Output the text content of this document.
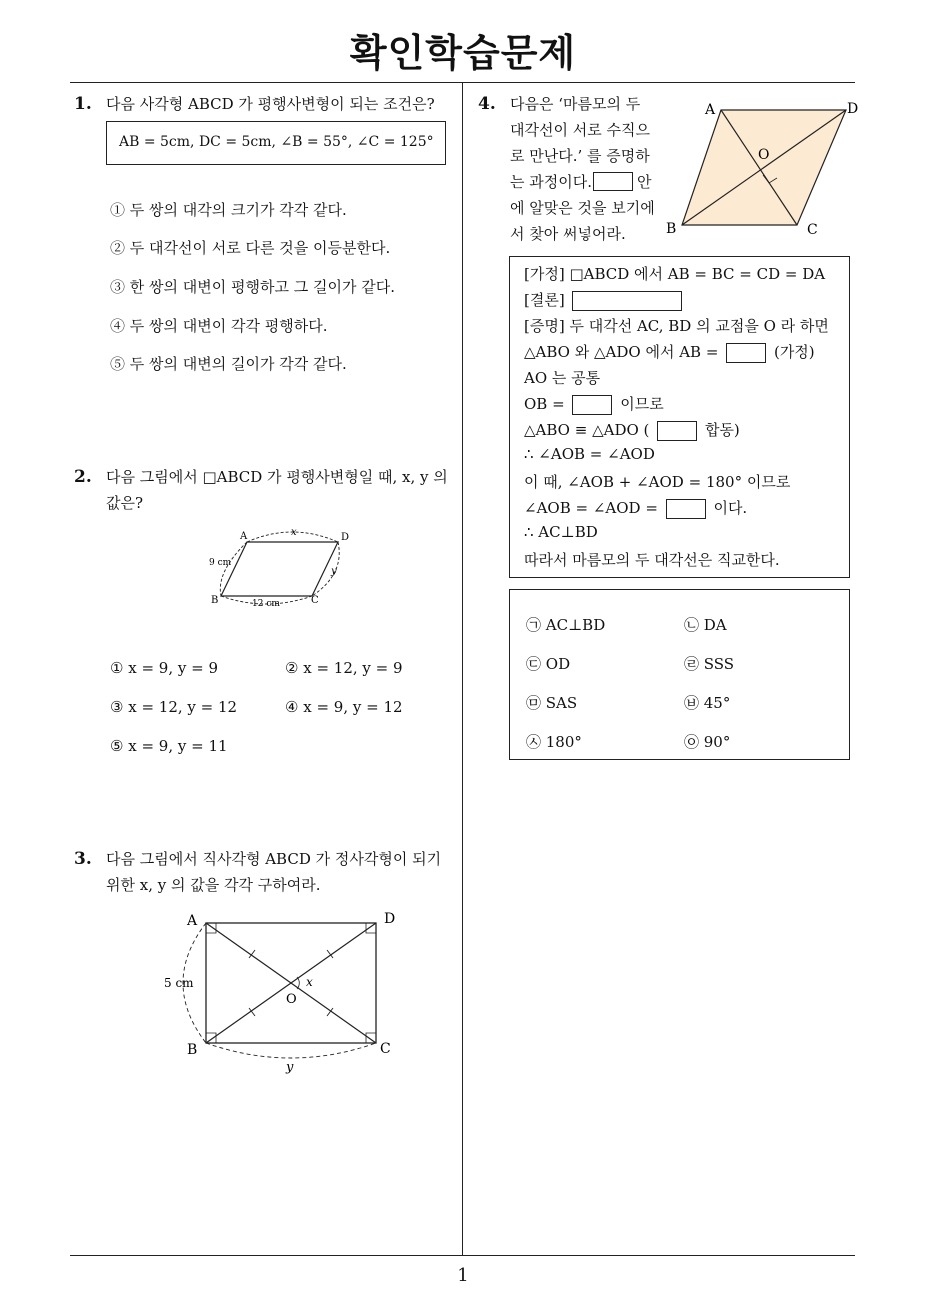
확인학습문제
1
1. 다음 사각형 ABCD 가 평행사변형이 되는 조건은?
AB = 5cm, DC = 5cm, ∠B = 55°, ∠C = 125°
① 두 쌍의 대각의 크기가 각각 같다.
② 두 대각선이 서로 다른 것을 이등분한다.
③ 한 쌍의 대변이 평행하고 그 길이가 같다.
④ 두 쌍의 대변이 각각 평행하다.
⑤ 두 쌍의 대변의 길이가 각각 같다.
2. 다음 그림에서 □ABCD 가 평행사변형일 때, x, y 의
값은?
A	D
B	C
x
y
9 cm
12 cm
① x = 9, y = 9	② x = 12, y = 9
③ x = 12, y = 12	④ x = 9, y = 12
⑤ x = 9, y = 11
3. 다음 그림에서 직사각형 ABCD 가 정사각형이 되기
위한 x, y 의 값을 각각 구하여라.
A	D
B	C
O
x
y
5 cm
4. 다음은 ‘마름모의 두
대각선이 서로 수직으
로 만난다.’ 를 증명하
는 과정이다.	안
에 알맞은 것을 보기에
서 찾아 써넣어라.
A	D
B	C
O
[가정] □ABCD 에서 AB = BC = CD = DA
[결론]
[증명] 두 대각선 AC, BD 의 교점을 O 라 하면
△ABO 와 △ADO 에서 AB =	(가정)
AO 는 공통
OB =	이므로
△ABO ≡ △ADO (	합동)
∴ ∠AOB = ∠AOD
이 때, ∠AOB + ∠AOD = 180° 이므로
∠AOB = ∠AOD =	이다.
∴ AC⊥BD
따라서 마름모의 두 대각선은 직교한다.
㉠ AC⊥BD	㉡ DA
㉢ OD	㉣ SSS
㉤ SAS	㉥ 45°
㉦ 180°	㉧ 90°
